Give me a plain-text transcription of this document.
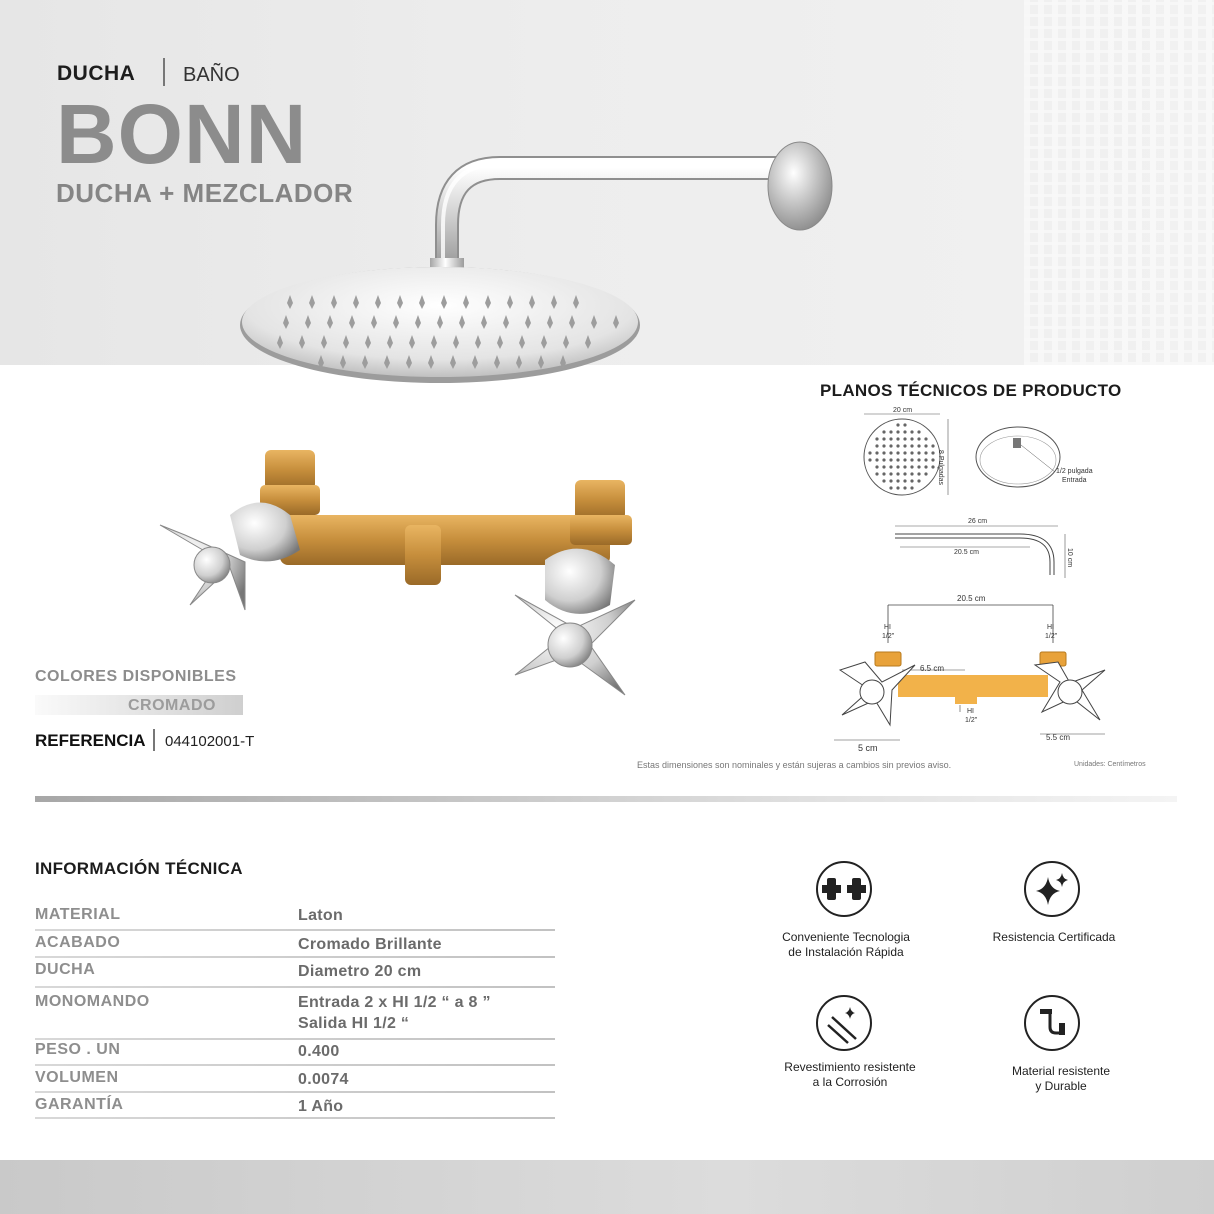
DUCHA BAÑO
BONN
DUCHA + MEZCLADOR
COLORES DISPONIBLES
CROMADO
REFERENCIA 044102001-T
PLANOS TÉCNICOS DE PRODUCTO
20 cm
8 Pulgadas	1/2 pulgada
Entrada
26 cm
20.5 cm	10 cm
20.5 cm
HI
1/2"
HI
1/2"
6.5 cm
HI
1/2"
5 cm
5.5 cm
Estas dimensiones son nominales y están sujeras a cambios sin previos aviso.	Unidades: Centímetros
INFORMACIÓN TÉCNICA
MATERIAL	Laton
ACABADO	Cromado Brillante
DUCHA	Diametro 20 cm
MONOMANDO	Entrada 2 x HI 1/2 “ a 8 ”
Salida HI 1/2 “
PESO . UN	0.400
VOLUMEN	0.0074
GARANTÍA	1 Año
Conveniente Tecnologia
de Instalación Rápida
Resistencia Certificada
Revestimiento resistente
a la Corrosión
Material resistente
y Durable
